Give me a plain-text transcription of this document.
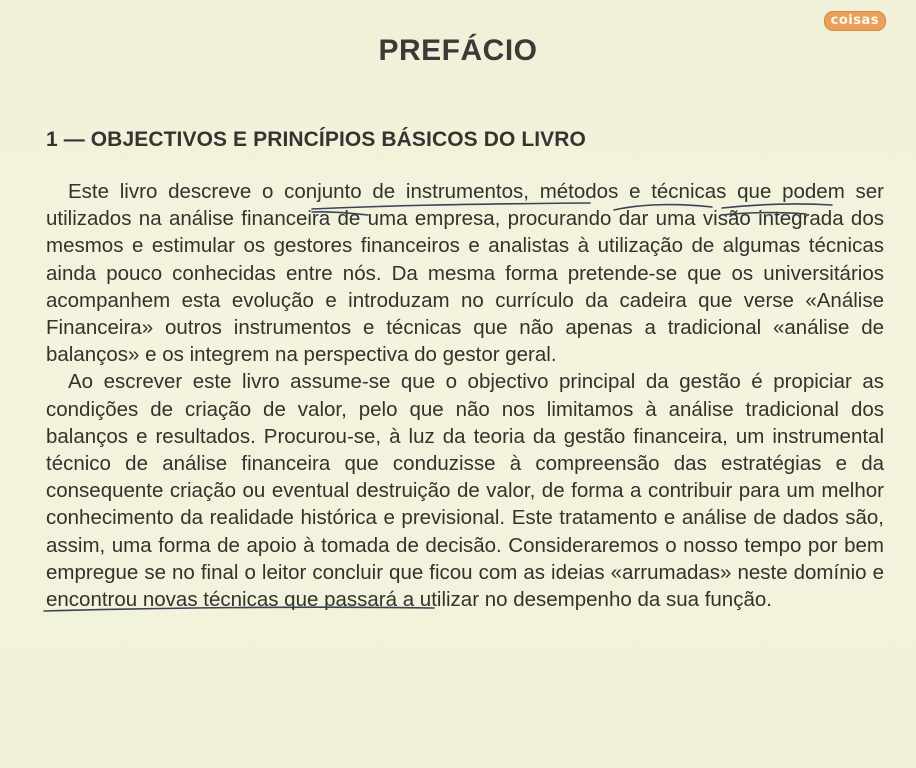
coisas
PREFÁCIO
1 — OBJECTIVOS E PRINCÍPIOS BÁSICOS DO LIVRO

Este livro descreve o conjunto de instrumentos, métodos e técnicas que podem ser utilizados na análise financeira de uma empresa, procurando dar uma visão integrada dos mesmos e estimular os gestores financeiros e analistas à utilização de algumas técnicas ainda pouco conhecidas entre nós. Da mesma forma pretende-se que os universitários acompanhem esta evolução e introduzam no currículo da cadeira que verse «Análise Financeira» outros instrumentos e técnicas que não apenas a tradicional «análise de balanços» e os integrem na perspectiva do gestor geral.

Ao escrever este livro assume-se que o objectivo principal da gestão é propiciar as condições de criação de valor, pelo que não nos limitamos à análise tradicional dos balanços e resultados. Procurou-se, à luz da teoria da gestão financeira, um instrumental técnico de análise financeira que conduzisse à compreensão das estratégias e da consequente criação ou eventual destruição de valor, de forma a contribuir para um melhor conhecimento da realidade histórica e previsional. Este tratamento e análise de dados são, assim, uma forma de apoio à tomada de decisão. Consideraremos o nosso tempo por bem empregue se no final o leitor concluir que ficou com as ideias «arrumadas» neste domínio e encontrou novas técnicas que passará a utilizar no desempenho da sua função.
